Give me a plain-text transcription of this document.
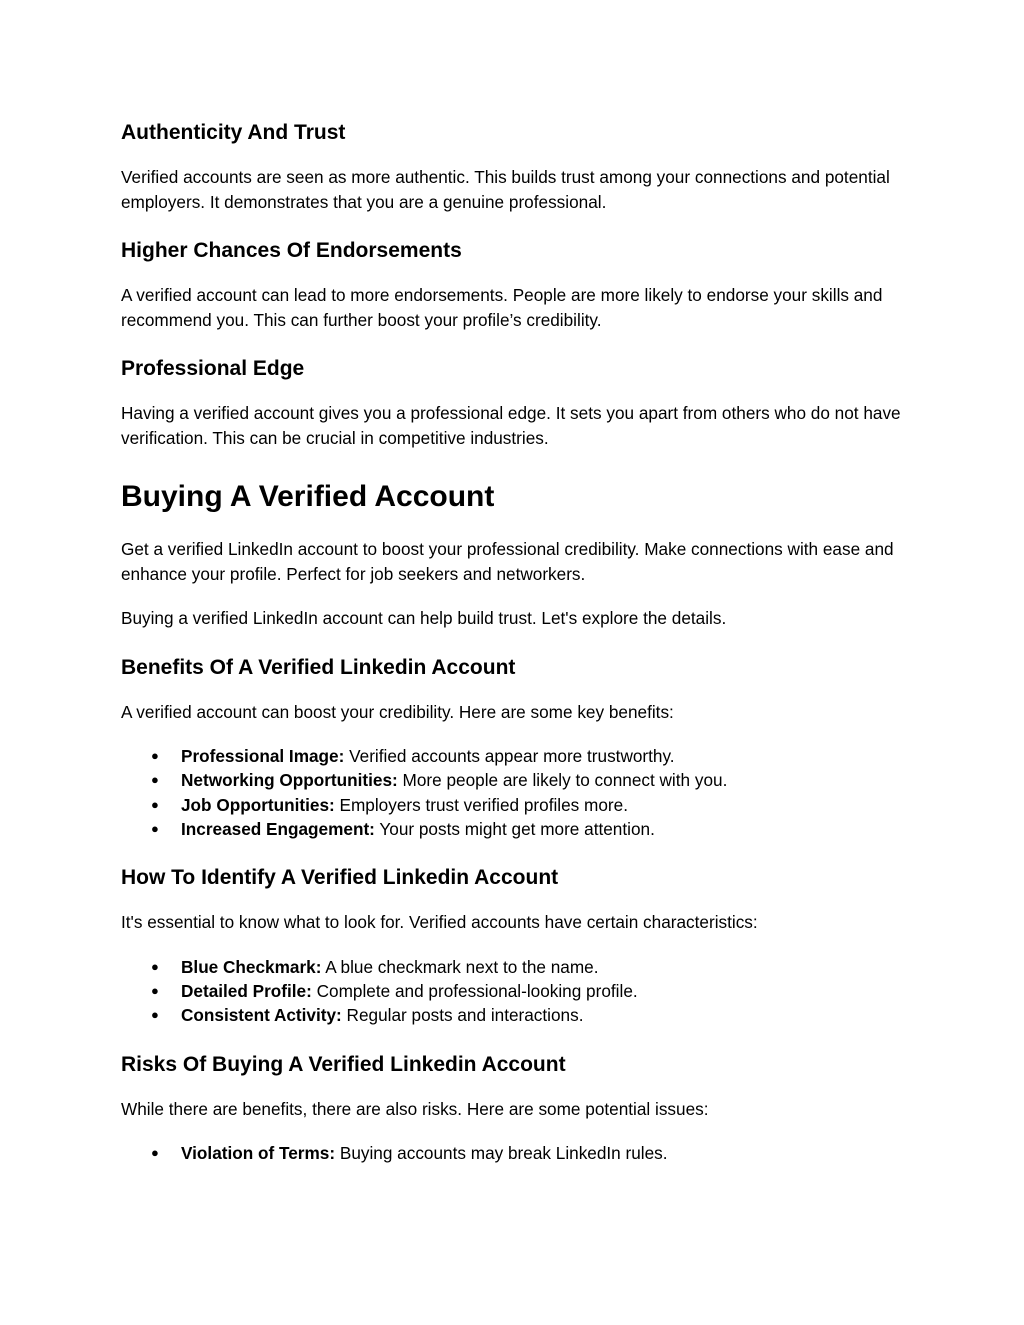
Authenticity And Trust

Verified accounts are seen as more authentic. This builds trust among your connections and potential employers. It demonstrates that you are a genuine professional.

Higher Chances Of Endorsements

A verified account can lead to more endorsements. People are more likely to endorse your skills and recommend you. This can further boost your profile’s credibility.

Professional Edge

Having a verified account gives you a professional edge. It sets you apart from others who do not have verification. This can be crucial in competitive industries.

Buying A Verified Account

Get a verified LinkedIn account to boost your professional credibility. Make connections with ease and enhance your profile. Perfect for job seekers and networkers.

Buying a verified LinkedIn account can help build trust. Let's explore the details.

Benefits Of A Verified Linkedin Account

A verified account can boost your credibility. Here are some key benefits:

● Professional Image: Verified accounts appear more trustworthy.
● Networking Opportunities: More people are likely to connect with you.
● Job Opportunities: Employers trust verified profiles more.
● Increased Engagement: Your posts might get more attention.
How To Identify A Verified Linkedin Account

It's essential to know what to look for. Verified accounts have certain characteristics:

● Blue Checkmark: A blue checkmark next to the name.
● Detailed Profile: Complete and professional-looking profile.
● Consistent Activity: Regular posts and interactions.
Risks Of Buying A Verified Linkedin Account

While there are benefits, there are also risks. Here are some potential issues:

● Violation of Terms: Buying accounts may break LinkedIn rules.
